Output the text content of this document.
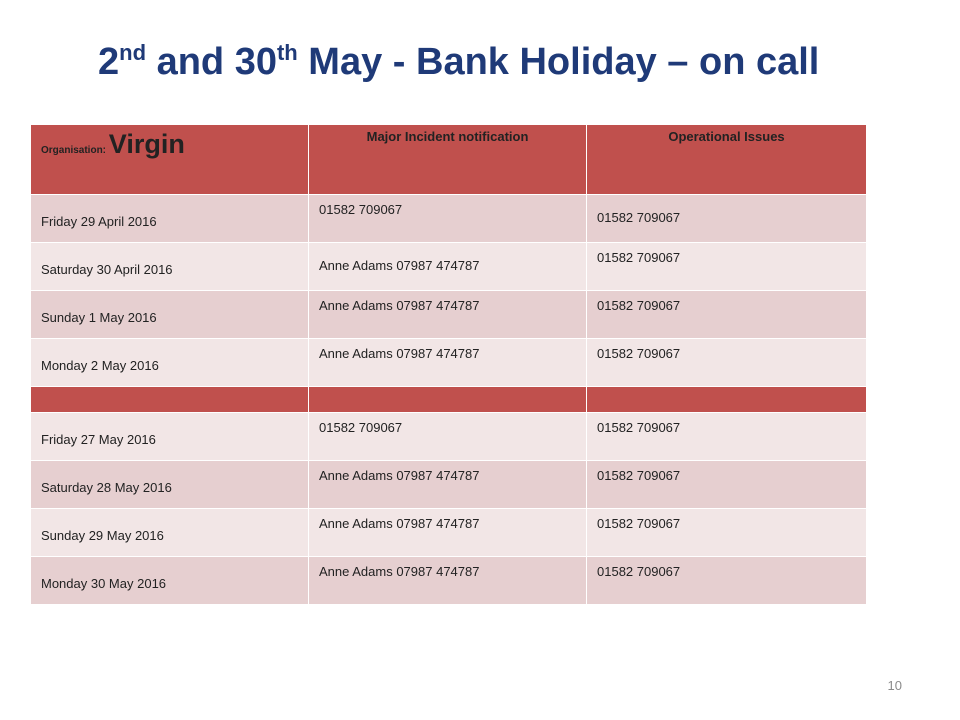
2nd and 30th May - Bank Holiday – on call
Organisation: Virgin	Major Incident notification	Operational Issues
Friday 29 April 2016	01582 709067	01582 709067
Saturday 30 April 2016	Anne Adams 07987 474787	01582 709067
Sunday 1 May 2016	Anne Adams 07987 474787	01582 709067
Monday 2 May 2016	Anne Adams 07987 474787	01582 709067

Friday 27 May 2016	01582 709067	01582 709067
Saturday 28 May 2016	Anne Adams 07987 474787	01582 709067
Sunday 29 May 2016	Anne Adams 07987 474787	01582 709067
Monday 30 May 2016	Anne Adams 07987 474787	01582 709067
10
